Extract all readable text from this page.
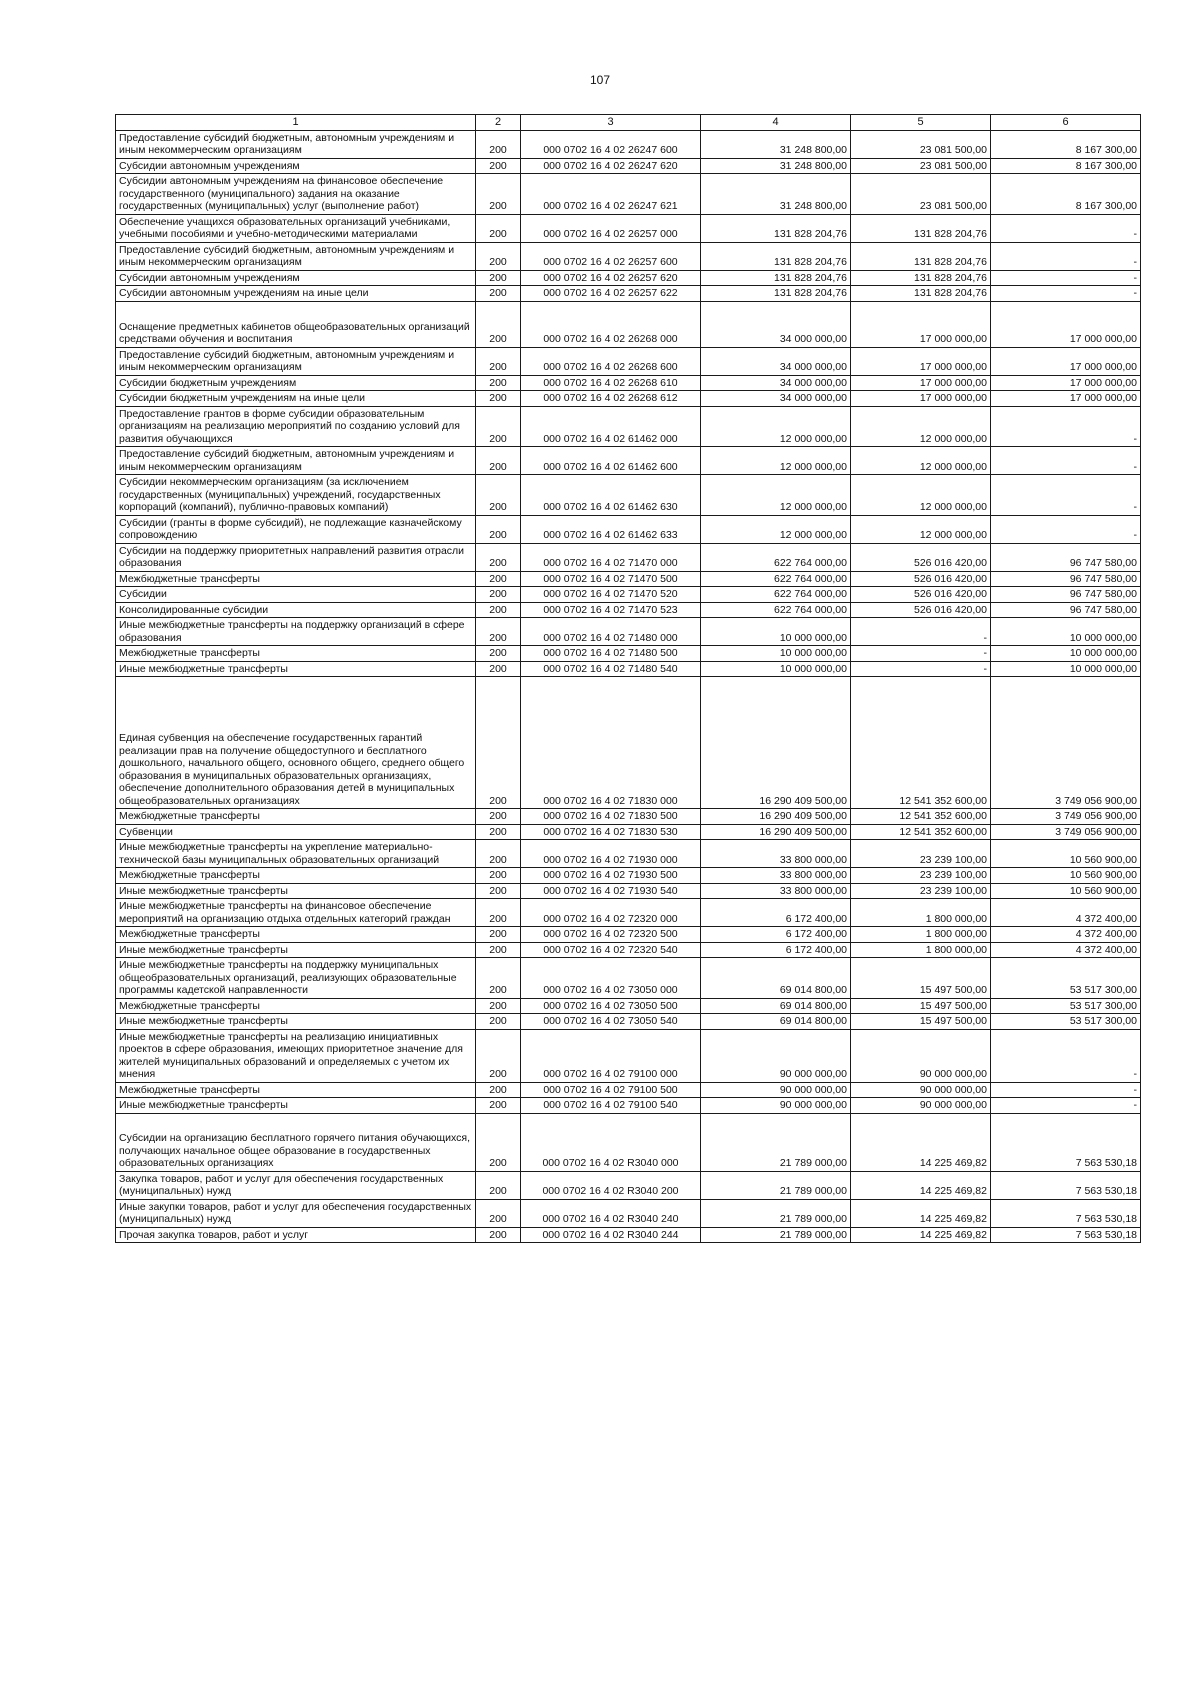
107
1	2	3	4	5	6
Предоставление субсидий бюджетным, автономным учреждениям и иным некоммерческим организациям	200	000 0702 16 4 02 26247 600	31 248 800,00	23 081 500,00	8 167 300,00
Субсидии автономным учреждениям	200	000 0702 16 4 02 26247 620	31 248 800,00	23 081 500,00	8 167 300,00
Субсидии автономным учреждениям на финансовое обеспечение государственного (муниципального) задания на оказание государственных (муниципальных) услуг (выполнение работ)	200	000 0702 16 4 02 26247 621	31 248 800,00	23 081 500,00	8 167 300,00
Обеспечение учащихся образовательных организаций учебниками, учебными пособиями и учебно-методическими материалами	200	000 0702 16 4 02 26257 000	131 828 204,76	131 828 204,76	-
Предоставление субсидий бюджетным, автономным учреждениям и иным некоммерческим организациям	200	000 0702 16 4 02 26257 600	131 828 204,76	131 828 204,76	-
Субсидии автономным учреждениям	200	000 0702 16 4 02 26257 620	131 828 204,76	131 828 204,76	-
Субсидии автономным учреждениям на иные цели	200	000 0702 16 4 02 26257 622	131 828 204,76	131 828 204,76	-
Оснащение предметных кабинетов общеобразовательных организаций средствами обучения и воспитания	200	000 0702 16 4 02 26268 000	34 000 000,00	17 000 000,00	17 000 000,00
Предоставление субсидий бюджетным, автономным учреждениям и иным некоммерческим организациям	200	000 0702 16 4 02 26268 600	34 000 000,00	17 000 000,00	17 000 000,00
Субсидии бюджетным учреждениям	200	000 0702 16 4 02 26268 610	34 000 000,00	17 000 000,00	17 000 000,00
Субсидии бюджетным учреждениям на иные цели	200	000 0702 16 4 02 26268 612	34 000 000,00	17 000 000,00	17 000 000,00
Предоставление грантов в форме субсидии образовательным организациям на реализацию мероприятий по созданию условий для развития обучающихся	200	000 0702 16 4 02 61462 000	12 000 000,00	12 000 000,00	-
Предоставление субсидий бюджетным, автономным учреждениям и иным некоммерческим организациям	200	000 0702 16 4 02 61462 600	12 000 000,00	12 000 000,00	-
Субсидии некоммерческим организациям (за исключением государственных (муниципальных) учреждений, государственных корпораций (компаний), публично-правовых компаний)	200	000 0702 16 4 02 61462 630	12 000 000,00	12 000 000,00	-
Субсидии (гранты в форме субсидий), не подлежащие казначейскому сопровождению	200	000 0702 16 4 02 61462 633	12 000 000,00	12 000 000,00	-
Субсидии на поддержку приоритетных направлений развития отрасли образования	200	000 0702 16 4 02 71470 000	622 764 000,00	526 016 420,00	96 747 580,00
Межбюджетные трансферты	200	000 0702 16 4 02 71470 500	622 764 000,00	526 016 420,00	96 747 580,00
Субсидии	200	000 0702 16 4 02 71470 520	622 764 000,00	526 016 420,00	96 747 580,00
Консолидированные субсидии	200	000 0702 16 4 02 71470 523	622 764 000,00	526 016 420,00	96 747 580,00
Иные межбюджетные трансферты на поддержку организаций в сфере образования	200	000 0702 16 4 02 71480 000	10 000 000,00	-	10 000 000,00
Межбюджетные трансферты	200	000 0702 16 4 02 71480 500	10 000 000,00	-	10 000 000,00
Иные межбюджетные трансферты	200	000 0702 16 4 02 71480 540	10 000 000,00	-	10 000 000,00
Единая субвенция на обеспечение государственных гарантий реализации прав на получение общедоступного и бесплатного дошкольного, начального общего, основного общего, среднего общего образования в муниципальных образовательных организациях, обеспечение дополнительного образования детей в муниципальных общеобразовательных организациях	200	000 0702 16 4 02 71830 000	16 290 409 500,00	12 541 352 600,00	3 749 056 900,00
Межбюджетные трансферты	200	000 0702 16 4 02 71830 500	16 290 409 500,00	12 541 352 600,00	3 749 056 900,00
Субвенции	200	000 0702 16 4 02 71830 530	16 290 409 500,00	12 541 352 600,00	3 749 056 900,00
Иные межбюджетные трансферты на укрепление материально-технической базы муниципальных образовательных организаций	200	000 0702 16 4 02 71930 000	33 800 000,00	23 239 100,00	10 560 900,00
Межбюджетные трансферты	200	000 0702 16 4 02 71930 500	33 800 000,00	23 239 100,00	10 560 900,00
Иные межбюджетные трансферты	200	000 0702 16 4 02 71930 540	33 800 000,00	23 239 100,00	10 560 900,00
Иные межбюджетные трансферты на финансовое обеспечение мероприятий на организацию отдыха отдельных категорий граждан	200	000 0702 16 4 02 72320 000	6 172 400,00	1 800 000,00	4 372 400,00
Межбюджетные трансферты	200	000 0702 16 4 02 72320 500	6 172 400,00	1 800 000,00	4 372 400,00
Иные межбюджетные трансферты	200	000 0702 16 4 02 72320 540	6 172 400,00	1 800 000,00	4 372 400,00
Иные межбюджетные трансферты на поддержку муниципальных общеобразовательных организаций, реализующих образовательные программы кадетской направленности	200	000 0702 16 4 02 73050 000	69 014 800,00	15 497 500,00	53 517 300,00
Межбюджетные трансферты	200	000 0702 16 4 02 73050 500	69 014 800,00	15 497 500,00	53 517 300,00
Иные межбюджетные трансферты	200	000 0702 16 4 02 73050 540	69 014 800,00	15 497 500,00	53 517 300,00
Иные межбюджетные трансферты на реализацию инициативных проектов в сфере образования, имеющих приоритетное значение для жителей муниципальных образований и определяемых с учетом их мнения	200	000 0702 16 4 02 79100 000	90 000 000,00	90 000 000,00	-
Межбюджетные трансферты	200	000 0702 16 4 02 79100 500	90 000 000,00	90 000 000,00	-
Иные межбюджетные трансферты	200	000 0702 16 4 02 79100 540	90 000 000,00	90 000 000,00	-
Субсидии на организацию бесплатного горячего питания обучающихся, получающих начальное общее образование в государственных образовательных организациях	200	000 0702 16 4 02 R3040 000	21 789 000,00	14 225 469,82	7 563 530,18
Закупка товаров, работ и услуг для обеспечения государственных (муниципальных) нужд	200	000 0702 16 4 02 R3040 200	21 789 000,00	14 225 469,82	7 563 530,18
Иные закупки товаров, работ и услуг для обеспечения государственных (муниципальных) нужд	200	000 0702 16 4 02 R3040 240	21 789 000,00	14 225 469,82	7 563 530,18
Прочая закупка товаров, работ и услуг	200	000 0702 16 4 02 R3040 244	21 789 000,00	14 225 469,82	7 563 530,18
